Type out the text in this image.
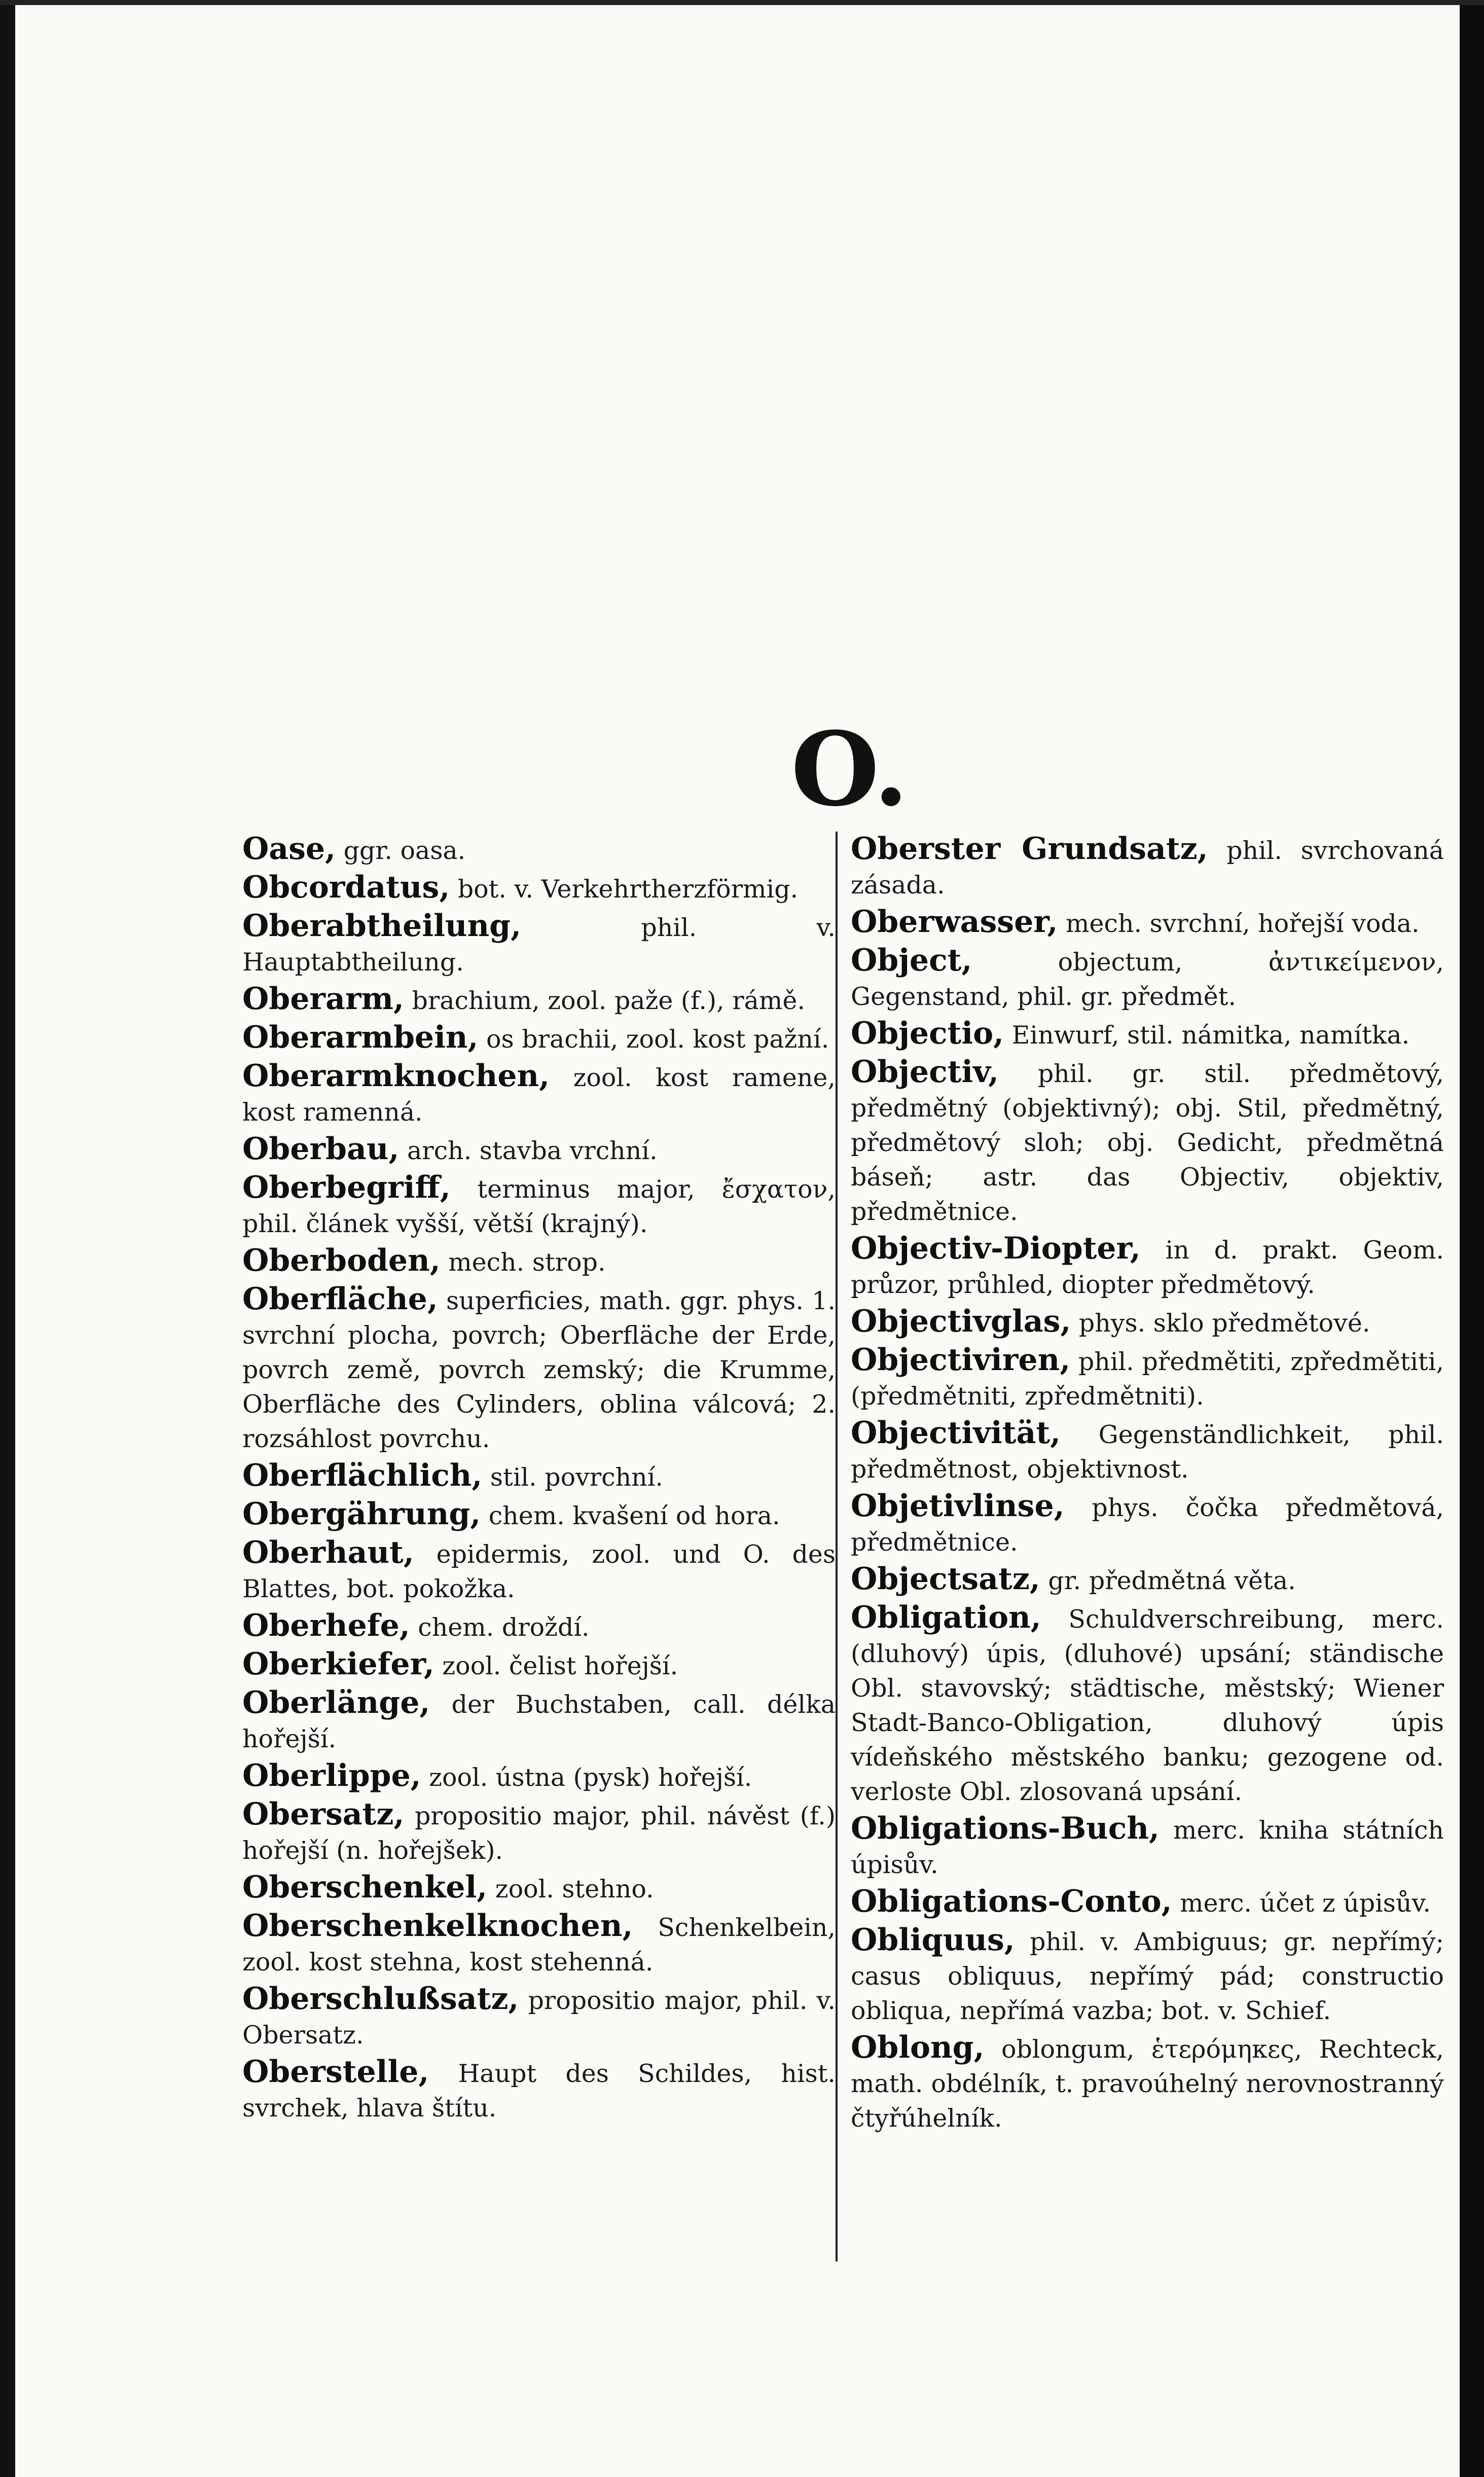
O.

Oase, ggr. oasa.

Obcordatus, bot. v. Verkehrtherzförmig.

Oberabtheilung,	phil. v. Hauptabtheilung.

Oberarm, brachium, zool. paže (f.), rámě.

Oberarmbein, os brachii, zool. kost pažní.

Oberarmknochen, zool. kost ramene, kost ramenná.

Oberbau, arch. stavba vrchní.

Oberbegriff, terminus major, ἔσχατον, phil. článek vyšší, větší (krajný).

Oberboden, mech. strop.

Oberfläche, superficies, math. ggr. phys. 1. svrchní plocha, povrch; Oberfläche der Erde, povrch země, povrch zemský; die Krumme, Oberfläche des Cylinders, oblina válcová; 2. rozsáhlost povrchu.

Oberflächlich, stil. povrchní.

Obergährung, chem. kvašení od hora.

Oberhaut, epidermis, zool. und O. des Blattes, bot. pokožka.

Oberhefe, chem. droždí.

Oberkiefer, zool. čelist hořejší.

Oberlänge, der Buchstaben, call. délka hořejší.

Oberlippe, zool. ústna (pysk) hořejší.

Obersatz, propositio major, phil. návěst (f.) hořejší (n. hořejšek).

Oberschenkel, zool. stehno.

Oberschenkelknochen, Schenkelbein, zool. kost stehna, kost stehenná.

Oberschlußsatz, propositio major, phil. v. Obersatz.

Oberstelle, Haupt des Schildes, hist. svrchek, hlava štítu.

Oberster Grundsatz, phil. svrchovaná zásada.

Oberwasser, mech. svrchní, hořejší voda.

Object,	objectum, ἀντικείμενον, Gegenstand, phil. gr. předmět.

Objectio, Einwurf, stil. námitka, namítka.

Objectiv, phil. gr. stil. předmětový, předmětný (objektivný); obj. Stil, předmětný, předmětový sloh; obj. Gedicht, předmětná báseň; astr. das Objectiv, objektiv, předmětnice.

Objectiv-Diopter, in d. prakt. Geom. průzor, průhled, diopter předmětový.

Objectivglas, phys. sklo předmětové.

Objectiviren, phil. předmětiti, zpředmětiti, (předmětniti, zpředmětniti).

Objectivität, Gegenständlichkeit, phil. předmětnost, objektivnost.

Objetivlinse, phys. čočka předmětová, předmětnice.

Objectsatz, gr. předmětná věta.

Obligation, Schuldverschreibung, merc. (dluhový) úpis, (dluhové) upsání; ständische Obl. stavovský; städtische, městský; Wiener Stadt-Banco-Obligation, dluhový úpis vídeňského městského banku; gezogene od. verloste Obl. zlosovaná upsání.

Obligations-Buch, merc. kniha státních úpisův.

Obligations-Conto, merc. účet z úpisův.

Obliquus, phil. v. Ambiguus; gr. nepřímý; casus obliquus, nepřímý pád; constructio obliqua, nepřímá vazba; bot. v. Schief.

Oblong, oblongum, ἑτερόμηκες, Rechteck, math. obdélník, t. pravoúhelný nerovnostranný čtyřúhelník.
